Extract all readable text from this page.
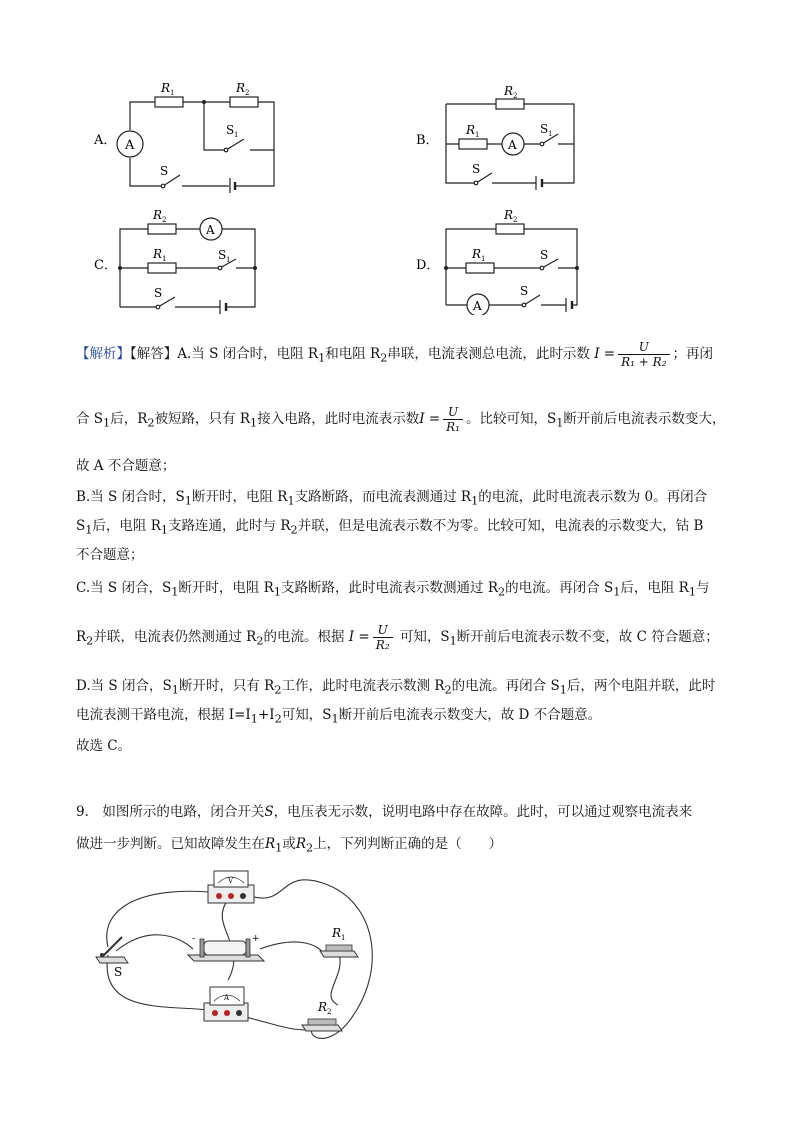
A． A
R 1	R 2
S 1
S
B．	A
R 2
R 1	S 1
S
C．
A
R 2
R 1	S 1
S
D．
A
R 2
R 1	S
S
【解析】【解答】A.当 S 闭合时，电阻 $R_1$和电阻 $R_2$串联，电流表测总电流，此时示数 $I = \frac{U}{\text{R₁ + R₂}}$ ；再闭
合 $S_1$后，$R_2$被短路，只有 $R_1$接入电路，此时电流表示数$I = \frac{U}{\text{R₁}}$ 。比较可知，$S_1$断开前后电流表示数变大，
故 A 不合题意；
B.当 S 闭合时，$S_1$断开时，电阻 $R_1$支路断路，而电流表测通过 $R_1$的电流，此时电流表示数为 0。再闭合
$S_1$后，电阻 $R_1$支路连通，此时与 $R_2$并联，但是电流表示数不为零。比较可知，电流表的示数变大，钴 B
不合题意；
C.当 S 闭合，$S_1$断开时，电阻 $R_1$支路断路，此时电流表示数测通过 $R_2$的电流。再闭合 $S_1$后，电阻 $R_1$与
$R_2$并联，电流表仍然测通过 $R_2$的电流。根据 $I = \frac{U}{\text{R₂}}$ 可知，$S_1$断开前后电流表示数不变，故 C 符合题意；
D.当 S 闭合，$S_1$断开时，只有 $R_2$工作，此时电流表示数测 $R_2$的电流。再闭合 $S_1$后，两个电阻并联，此时
电流表测干路电流，根据 $I=I_1+I_2$可知，$S_1$断开前后电流表示数变大，故 D 不合题意。
故选 C。
9． 如图所示的电路，闭合开关S，电压表无示数，说明电路中存在故障。此时，可以通过观察电流表来
做进一步判断。已知故障发生在$R_1$或$R_2$上，下列判断正确的是（　　）
V
S
-	+	R 1
A
R 2
